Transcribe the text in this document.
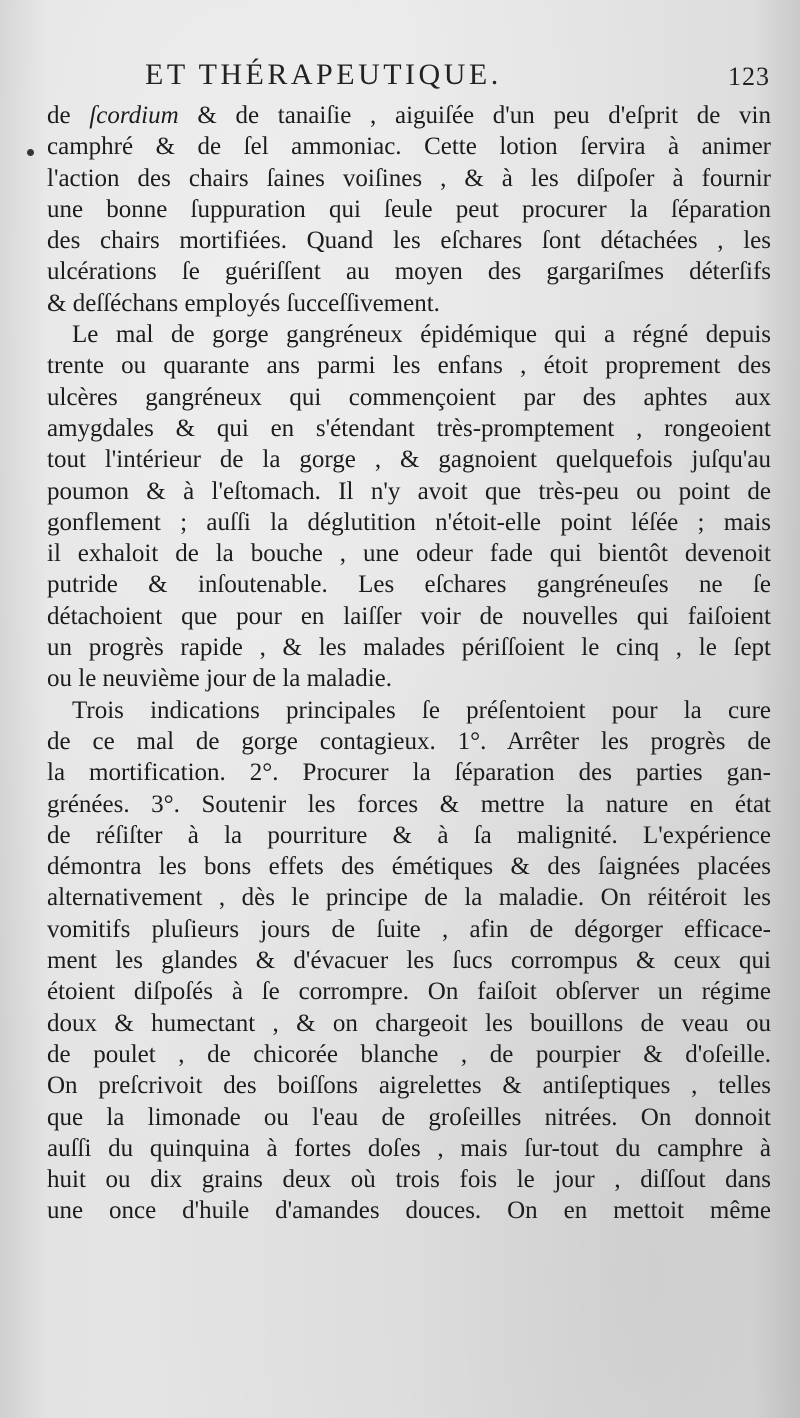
ET THÉRAPEUTIQUE.	123
de ſcordium & de tanaiſie , aiguiſée d'un peu d'eſprit de vin
camphré & de ſel ammoniac. Cette lotion ſervira à animer
l'action des chairs ſaines voiſines , & à les diſpoſer à fournir
une bonne ſuppuration qui ſeule peut procurer la ſéparation
des chairs mortifiées. Quand les eſchares ſont détachées , les
ulcérations ſe guériſſent au moyen des gargariſmes déterſifs
& deſſéchans employés ſucceſſivement.
Le mal de gorge gangréneux épidémique qui a régné depuis
trente ou quarante ans parmi les enfans , étoit proprement des
ulcères gangréneux qui commençoient par des aphtes aux
amygdales & qui en s'étendant très-promptement , rongeoient
tout l'intérieur de la gorge , & gagnoient quelquefois juſqu'au
poumon & à l'eſtomach. Il n'y avoit que très-peu ou point de
gonflement ; auſſi la déglutition n'étoit-elle point léſée ; mais
il exhaloit de la bouche , une odeur fade qui bientôt devenoit
putride & inſoutenable. Les eſchares gangréneuſes ne ſe
détachoient que pour en laiſſer voir de nouvelles qui faiſoient
un progrès rapide , & les malades périſſoient le cinq , le ſept
ou le neuvième jour de la maladie.
Trois indications principales ſe préſentoient pour la cure
de ce mal de gorge contagieux. 1°. Arrêter les progrès de
la mortification. 2°. Procurer la ſéparation des parties gan-
grénées. 3°. Soutenir les forces & mettre la nature en état
de réſiſter à la pourriture & à ſa malignité. L'expérience
démontra les bons effets des émétiques & des ſaignées placées
alternativement , dès le principe de la maladie. On réitéroit les
vomitifs pluſieurs jours de ſuite , afin de dégorger efficace-
ment les glandes & d'évacuer les ſucs corrompus & ceux qui
étoient diſpoſés à ſe corrompre. On faiſoit obſerver un régime
doux & humectant , & on chargeoit les bouillons de veau ou
de poulet , de chicorée blanche , de pourpier & d'oſeille.
On preſcrivoit des boiſſons aigrelettes & antiſeptiques , telles
que la limonade ou l'eau de groſeilles nitrées. On donnoit
auſſi du quinquina à fortes doſes , mais ſur-tout du camphre à
huit ou dix grains deux où trois fois le jour , diſſout dans
une once d'huile d'amandes douces. On en mettoit même
